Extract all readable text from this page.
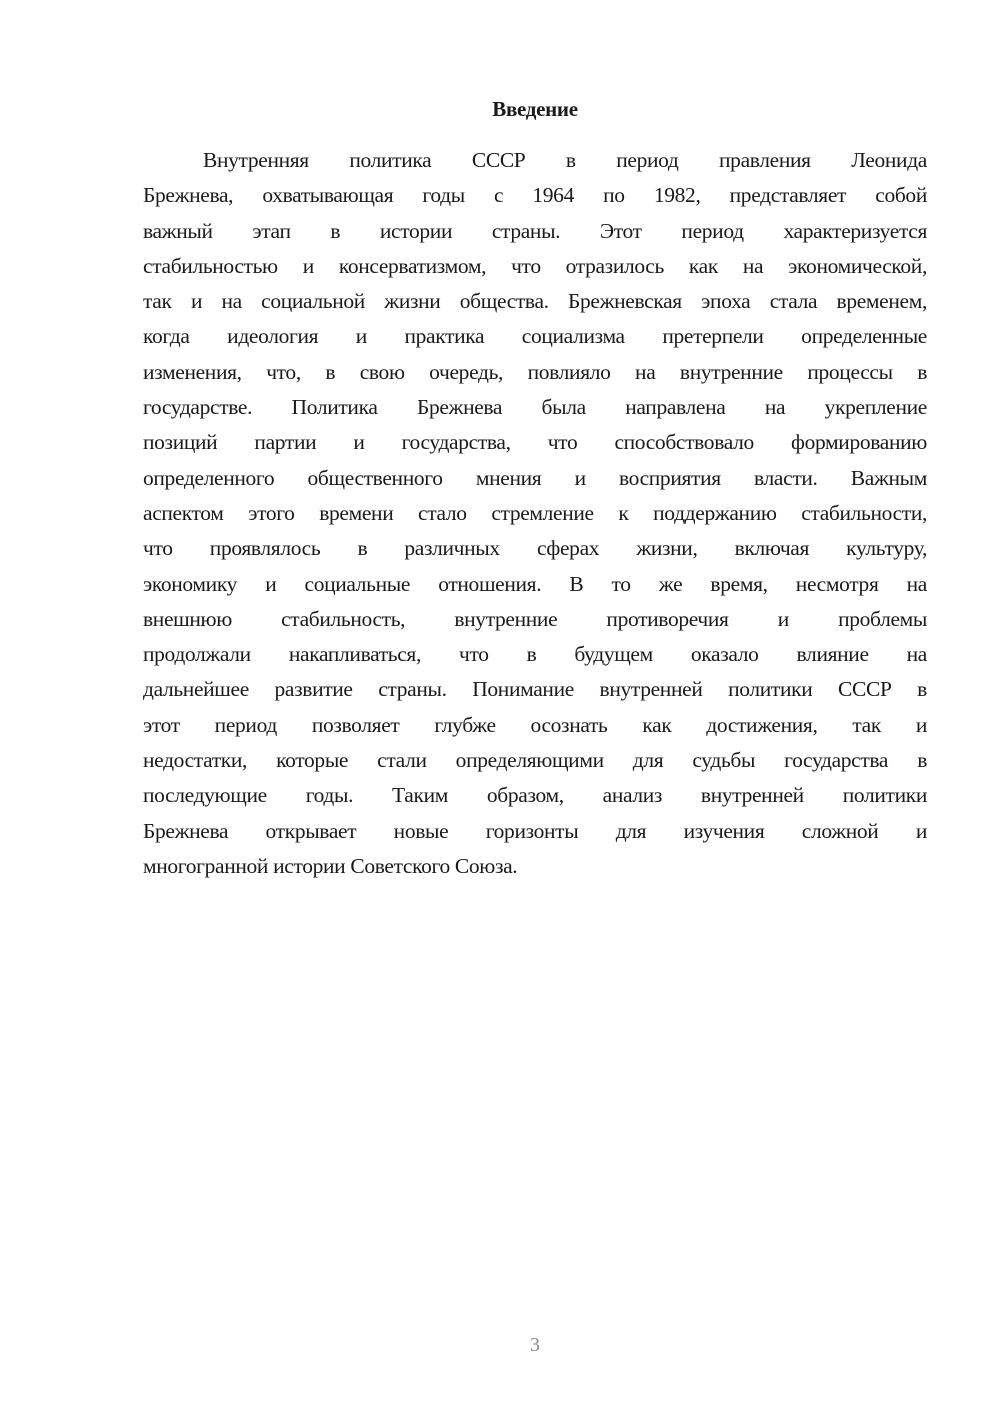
Введение
Внутренняя политика СССР в период правления Леонида
Брежнева, охватывающая годы с 1964 по 1982, представляет собой
важный этап в истории страны. Этот период характеризуется
стабильностью и консерватизмом, что отразилось как на экономической,
так и на социальной жизни общества. Брежневская эпоха стала временем,
когда идеология и практика социализма претерпели определенные
изменения, что, в свою очередь, повлияло на внутренние процессы в
государстве. Политика Брежнева была направлена на укрепление
позиций партии и государства, что способствовало формированию
определенного общественного мнения и восприятия власти. Важным
аспектом этого времени стало стремление к поддержанию стабильности,
что проявлялось в различных сферах жизни, включая культуру,
экономику и социальные отношения. В то же время, несмотря на
внешнюю стабильность, внутренние противоречия и проблемы
продолжали накапливаться, что в будущем оказало влияние на
дальнейшее развитие страны. Понимание внутренней политики СССР в
этот период позволяет глубже осознать как достижения, так и
недостатки, которые стали определяющими для судьбы государства в
последующие годы. Таким образом, анализ внутренней политики
Брежнева открывает новые горизонты для изучения сложной и
многогранной истории Советского Союза.
3
